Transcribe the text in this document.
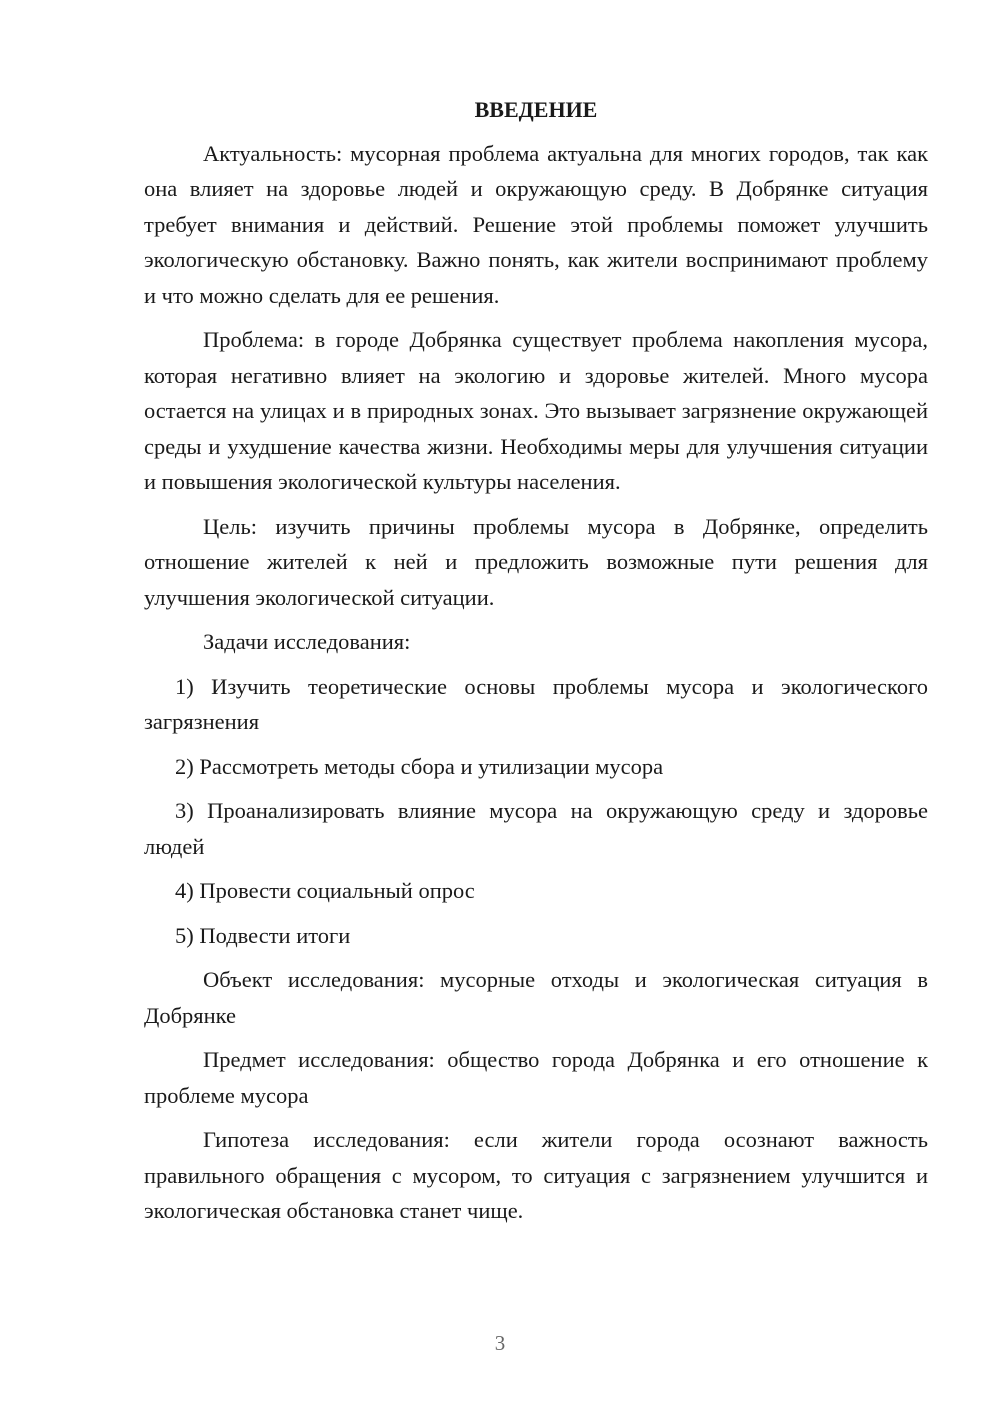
ВВЕДЕНИЕ

Актуальность: мусорная проблема актуальна для многих городов, так как она влияет на здоровье людей и окружающую среду. В Добрянке ситуация требует внимания и действий. Решение этой проблемы поможет улучшить экологическую обстановку. Важно понять, как жители воспринимают проблему и что можно сделать для ее решения.

Проблема: в городе Добрянка существует проблема накопления мусора, которая негативно влияет на экологию и здоровье жителей. Много мусора остается на улицах и в природных зонах. Это вызывает загрязнение окружающей среды и ухудшение качества жизни. Необходимы меры для улучшения ситуации и повышения экологической культуры населения.

Цель: изучить причины проблемы мусора в Добрянке, определить отношение жителей к ней и предложить возможные пути решения для улучшения экологической ситуации.

Задачи исследования:

1) Изучить теоретические основы проблемы мусора и экологического загрязнения

2) Рассмотреть методы сбора и утилизации мусора

3) Проанализировать влияние мусора на окружающую среду и здоровье людей

4) Провести социальный опрос

5) Подвести итоги

Объект исследования: мусорные отходы и экологическая ситуация в Добрянке

Предмет исследования: общество города Добрянка и его отношение к проблеме мусора

Гипотеза исследования: если жители города осознают важность правильного обращения с мусором, то ситуация с загрязнением улучшится и экологическая обстановка станет чище.

3
